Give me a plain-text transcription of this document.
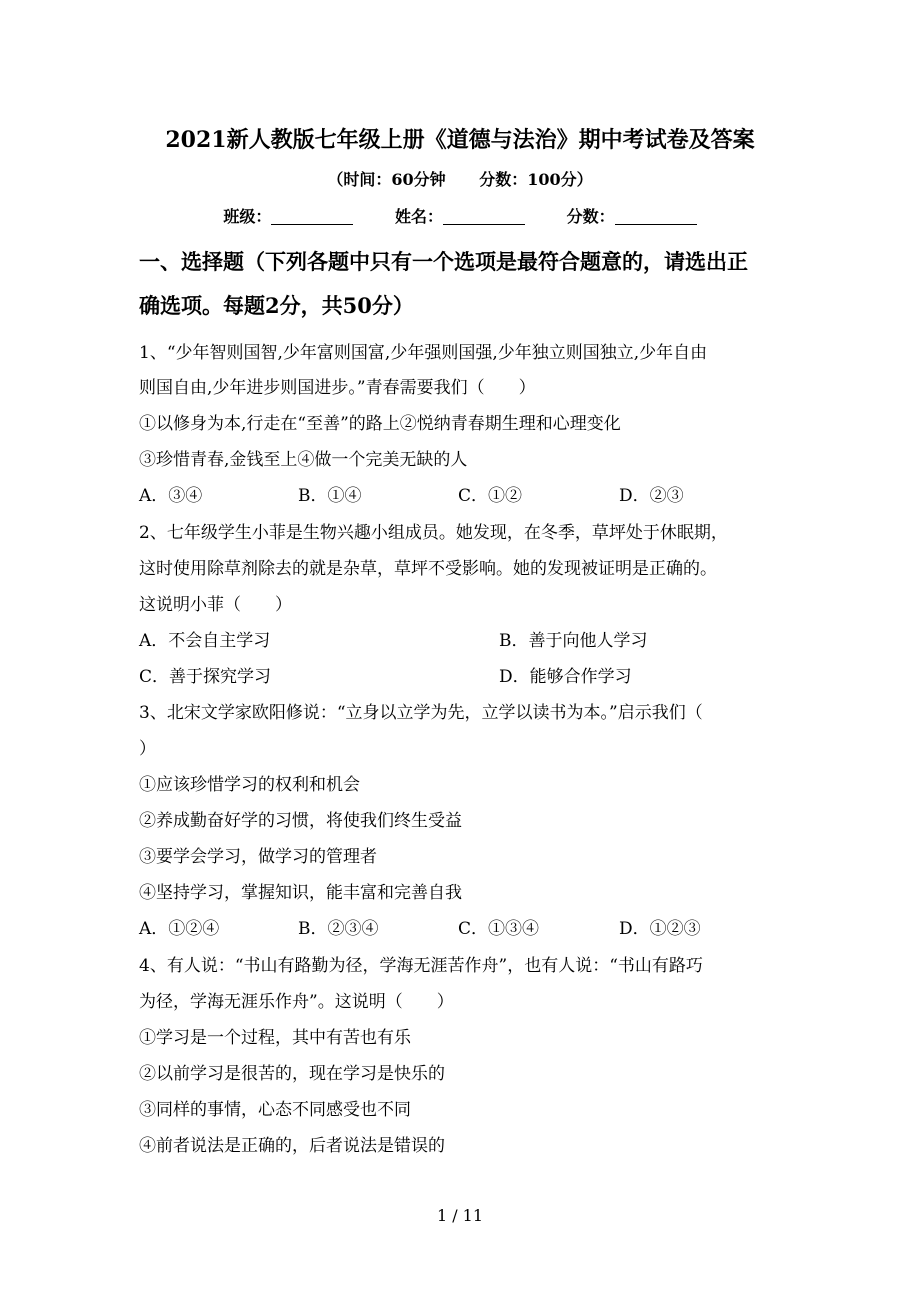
2021新人教版七年级上册《道德与法治》期中考试卷及答案
（时间：60分钟 分数：100分）
班级：	姓名：	分数：
一、选择题（下列各题中只有一个选项是最符合题意的，请选出正
确选项。每题2分，共50分）
1、“少年智则国智,少年富则国富,少年强则国强,少年独立则国独立,少年自由
则国自由,少年进步则国进步。”青春需要我们（　　）
①以修身为本,行走在“至善”的路上②悦纳青春期生理和心理变化
③珍惜青春,金钱至上④做一个完美无缺的人
A．③④	B．①④	C．①②	D．②③
2、七年级学生小菲是生物兴趣小组成员。她发现，在冬季，草坪处于休眠期，
这时使用除草剂除去的就是杂草，草坪不受影响。她的发现被证明是正确的。
这说明小菲（　　）
A．不会自主学习	B．善于向他人学习
C．善于探究学习	D．能够合作学习
3、北宋文学家欧阳修说：“立身以立学为先，立学以读书为本。”启示我们（
）
①应该珍惜学习的权利和机会
②养成勤奋好学的习惯，将使我们终生受益
③要学会学习，做学习的管理者
④坚持学习，掌握知识，能丰富和完善自我
A．①②④	B．②③④	C．①③④	D．①②③
4、有人说：“书山有路勤为径，学海无涯苦作舟”，也有人说：“书山有路巧
为径，学海无涯乐作舟”。这说明（　　）
①学习是一个过程，其中有苦也有乐
②以前学习是很苦的，现在学习是快乐的
③同样的事情，心态不同感受也不同
④前者说法是正确的，后者说法是错误的
1 / 11
